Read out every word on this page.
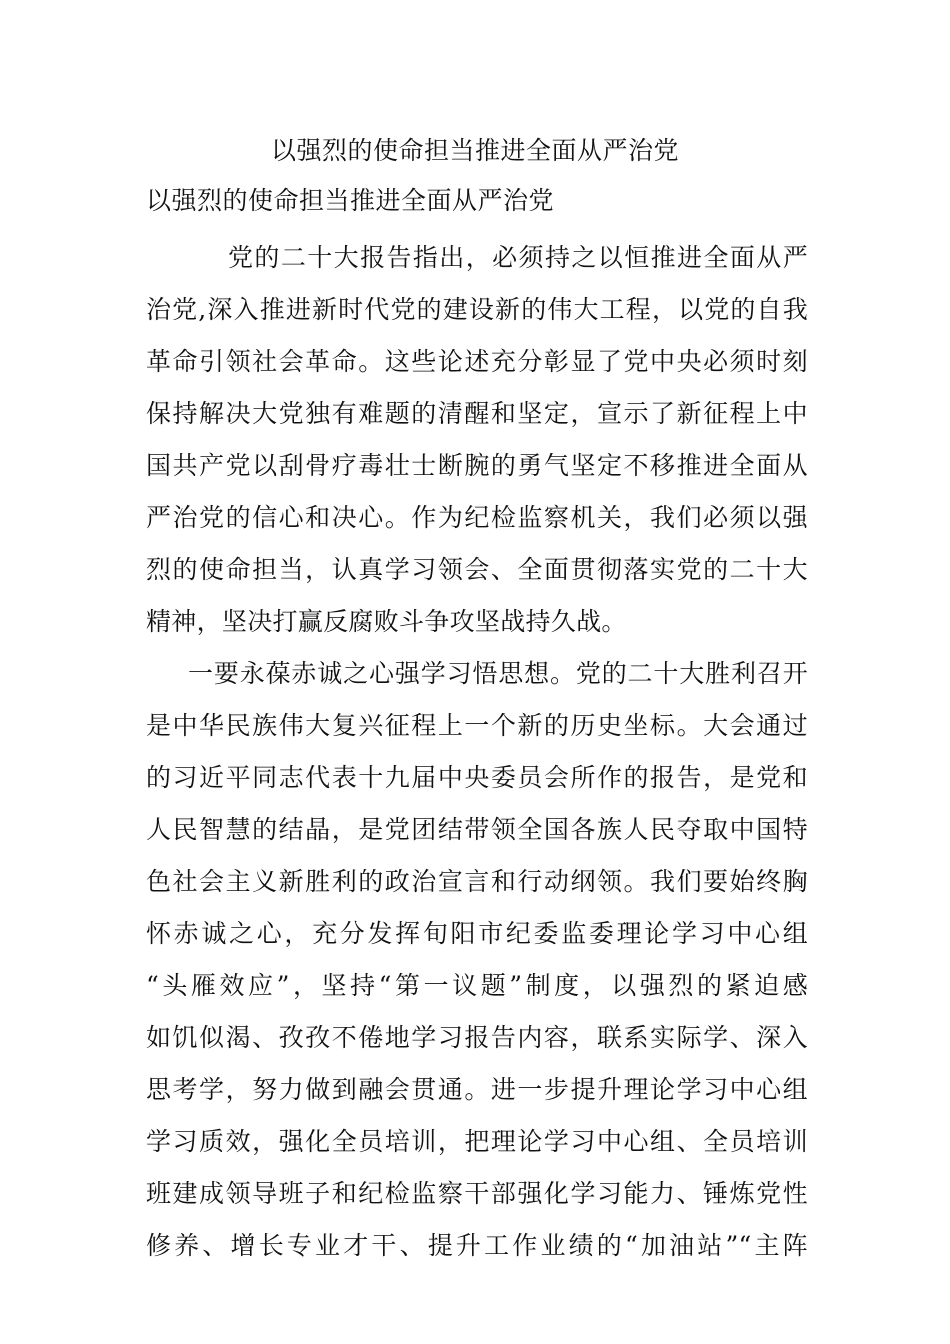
以强烈的使命担当推进全面从严治党
以强烈的使命担当推进全面从严治党
党的二十大报告指出，必须持之以恒推进全面从严
治党,深入推进新时代党的建设新的伟大工程，以党的自我
革命引领社会革命。这些论述充分彰显了党中央必须时刻
保持解决大党独有难题的清醒和坚定，宣示了新征程上中
国共产党以刮骨疗毒壮士断腕的勇气坚定不移推进全面从
严治党的信心和决心。作为纪检监察机关，我们必须以强
烈的使命担当，认真学习领会、全面贯彻落实党的二十大
精神，坚决打赢反腐败斗争攻坚战持久战。
一要永葆赤诚之心强学习悟思想。党的二十大胜利召开
是中华民族伟大复兴征程上一个新的历史坐标。大会通过
的习近平同志代表十九届中央委员会所作的报告，是党和
人民智慧的结晶，是党团结带领全国各族人民夺取中国特
色社会主义新胜利的政治宣言和行动纲领。我们要始终胸
怀赤诚之心，充分发挥旬阳市纪委监委理论学习中心组
“头雁效应”，坚持“第一议题”制度，以强烈的紧迫感
如饥似渴、孜孜不倦地学习报告内容，联系实际学、深入
思考学，努力做到融会贯通。进一步提升理论学习中心组
学习质效，强化全员培训，把理论学习中心组、全员培训
班建成领导班子和纪检监察干部强化学习能力、锤炼党性
修养、增长专业才干、提升工作业绩的“加油站”“主阵
